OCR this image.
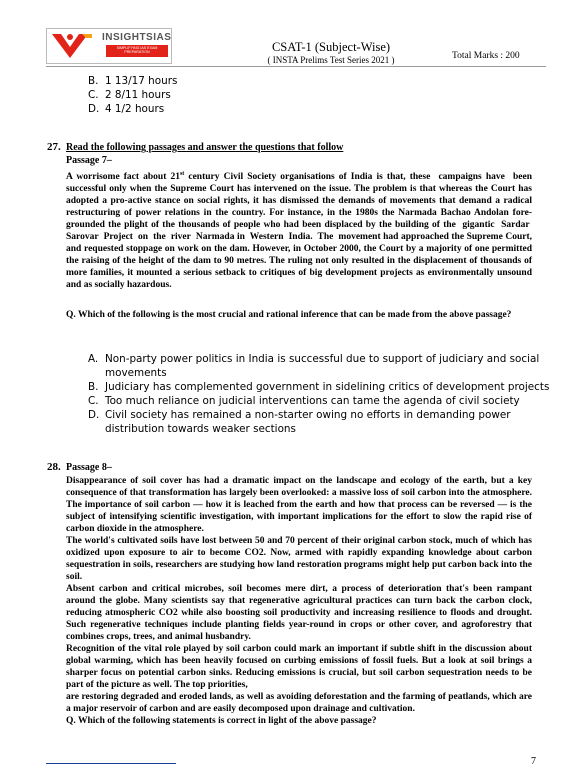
INSIGHTSIAS
SIMPLIFYING IAS EXAM PREPARATION	CSAT-1 (Subject-Wise)
( INSTA Prelims Test Series 2021 )	Total Marks : 200
B. 1 13/17 hours
C. 2 8/11 hours
D. 4 1/2 hours
27. Read the following passages and answer the questions that follow
Passage 7–
A worrisome fact about 21st century Civil Society organisations of India is that, these  campaigns have  been successful only when the Supreme Court has intervened on the issue. The problem is that whereas the Court has adopted a pro-active stance on social rights, it has dismissed the demands of movements that demand a radical restructuring of power relations in the country. For instance, in the 1980s the Narmada Bachao Andolan fore-grounded the plight of the thousands of people who had been displaced by the building of the  gigantic  Sardar  Sarovar  Project  on  the  river  Narmada in  Western  India.  The  movement had approached the Supreme Court, and requested stoppage on work on the dam. However, in October 2000, the Court by a majority of one permitted the raising of the height of the dam to 90 metres. The ruling not only resulted in the displacement of thousands of more families, it mounted a serious setback to critiques of big development projects as environmentally unsound and as socially hazardous.
Q. Which of the following is the most crucial and rational inference that can be made from the above passage?
A. Non-party power politics in India is successful due to support of judiciary and social
movements
B. Judiciary has complemented government in sidelining critics of development projects
C. Too much reliance on judicial interventions can tame the agenda of civil society
D. Civil society has remained a non-starter owing no efforts in demanding power
distribution towards weaker sections
28. Passage 8–

Disappearance of soil cover has had a dramatic impact on the landscape and ecology of the earth, but a key consequence of that transformation has largely been overlooked: a massive loss of soil carbon into the atmosphere. The importance of soil carbon — how it is leached from the earth and how that process can be reversed — is the subject of intensifying scientific investigation, with important implications for the effort to slow the rapid rise of carbon dioxide in the atmosphere.

The world's cultivated soils have lost between 50 and 70 percent of their original carbon stock, much of which has oxidized upon exposure to air to become CO2. Now, armed with rapidly expanding knowledge about carbon sequestration in soils, researchers are studying how land restoration programs might help put carbon back into the soil.

Absent carbon and critical microbes, soil becomes mere dirt, a process of deterioration that's been rampant around the globe. Many scientists say that regenerative agricultural practices can turn back the carbon clock, reducing atmospheric CO2 while also boosting soil productivity and increasing resilience to floods and drought. Such regenerative techniques include planting fields year-round in crops or other cover, and agroforestry that combines crops, trees, and animal husbandry.

Recognition of the vital role played by soil carbon could mark an important if subtle shift in the discussion about global warming, which has been heavily focused on curbing emissions of fossil fuels. But a look at soil brings a sharper focus on potential carbon sinks. Reducing emissions is crucial, but soil carbon sequestration needs to be part of the picture as well. The top priorities,

are restoring degraded and eroded lands, as well as avoiding deforestation and the farming of peatlands, which are a major reservoir of carbon and are easily decomposed upon drainage and cultivation.

Q. Which of the following statements is correct in light of the above passage?

7
